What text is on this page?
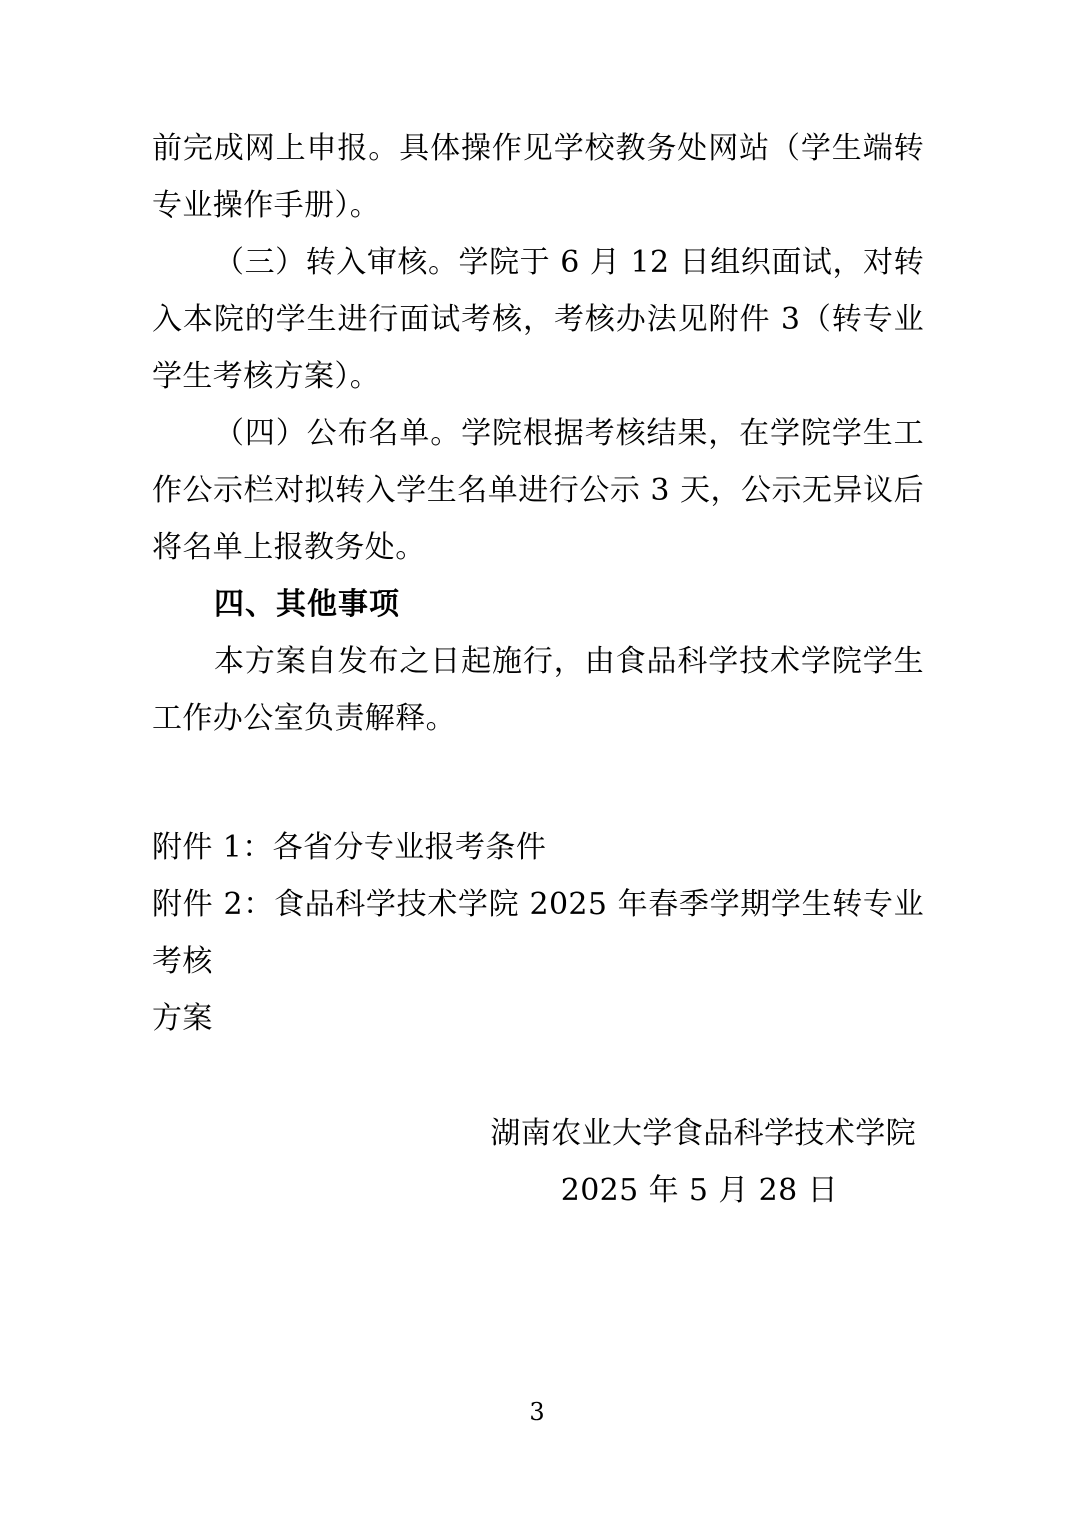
前完成网上申报。具体操作见学校教务处网站（学生端转专业操作手册）。

（三）转入审核。学院于 6 月 12 日组织面试，对转入本院的学生进行面试考核，考核办法见附件 3（转专业学生考核方案）。

（四）公布名单。学院根据考核结果，在学院学生工作公示栏对拟转入学生名单进行公示 3 天，公示无异议后将名单上报教务处。

四、其他事项

本方案自发布之日起施行，由食品科学技术学院学生工作办公室负责解释。

附件 1：各省分专业报考条件

附件 2：食品科学技术学院 2025 年春季学期学生转专业考核

方案

湖南农业大学食品科学技术学院

2025 年 5 月 28 日

3
